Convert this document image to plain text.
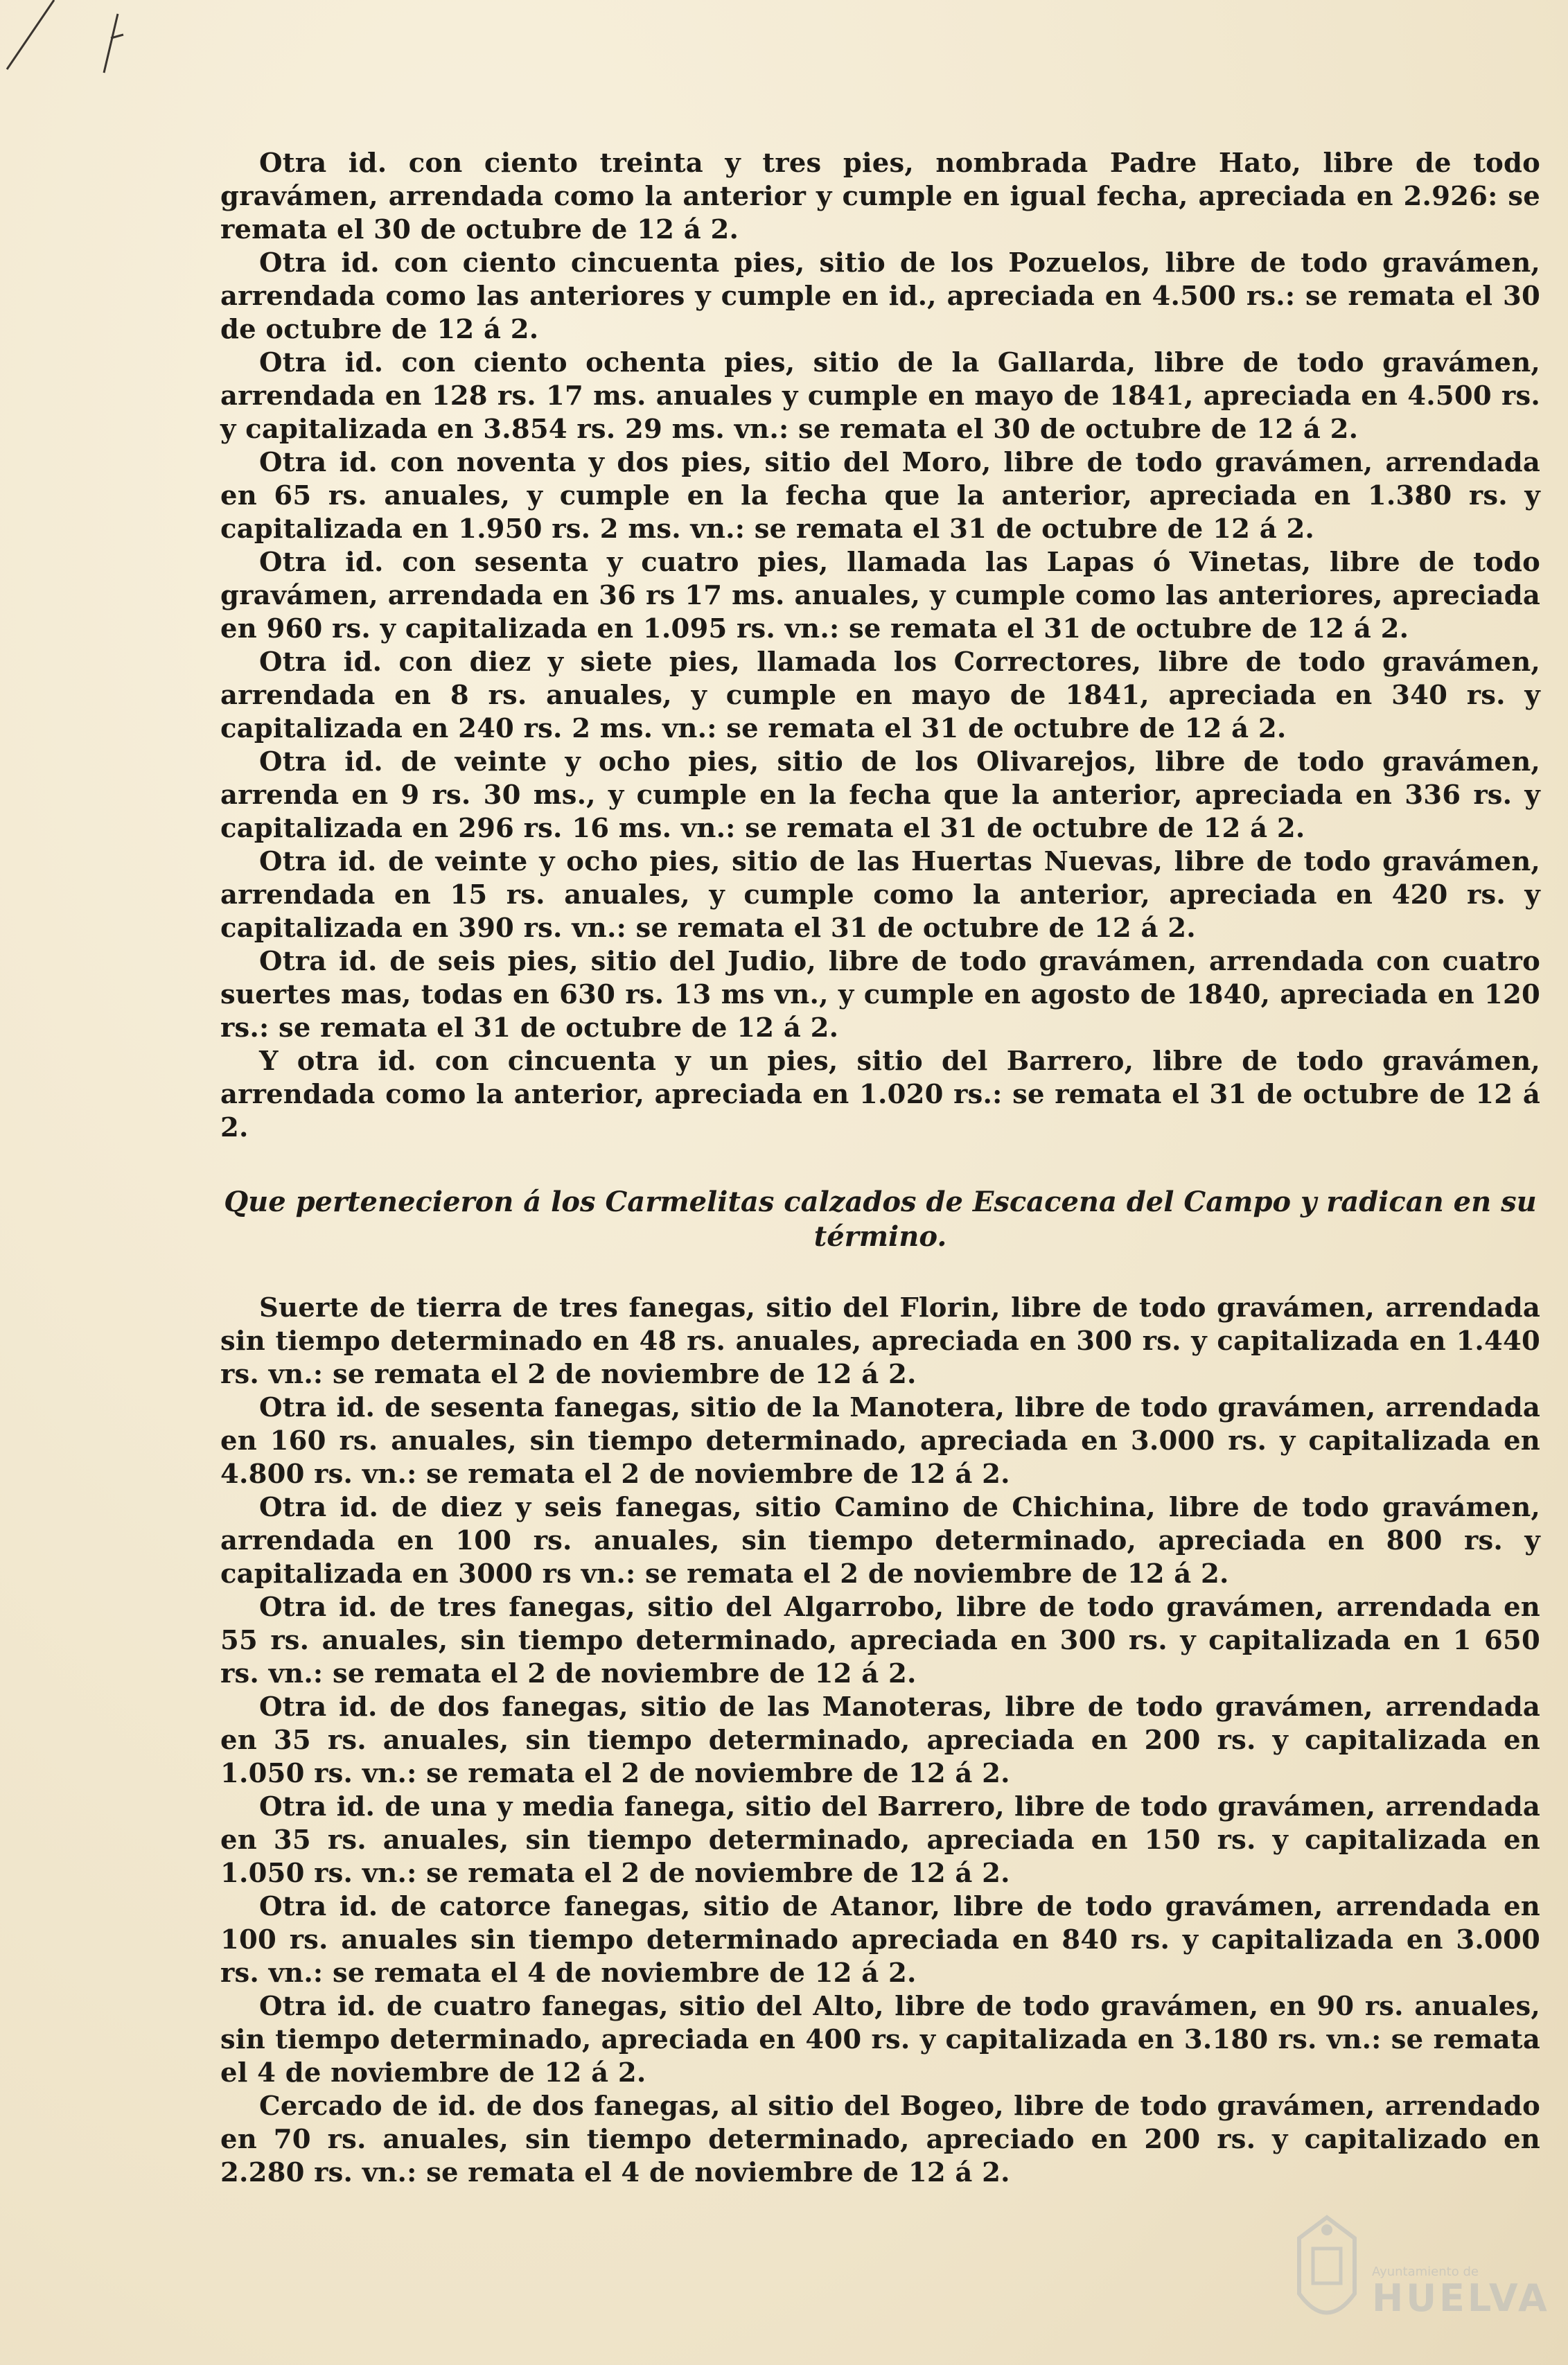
Otra id. con ciento treinta y tres pies, nombrada Padre Hato, libre de todo gravámen, arrendada como la anterior y cumple en igual fecha, apreciada en 2.926: se remata el 30 de octubre de 12 á 2.

Otra id. con ciento cincuenta pies, sitio de los Pozuelos, libre de todo gravámen, arrendada como las anteriores y cumple en id., apreciada en 4.500 rs.: se remata el 30 de octubre de 12 á 2.

Otra id. con ciento ochenta pies, sitio de la Gallarda, libre de todo gravámen, arrendada en 128 rs. 17 ms. anuales y cumple en mayo de 1841, apreciada en 4.500 rs. y capitalizada en 3.854 rs. 29 ms. vn.: se remata el 30 de octubre de 12 á 2.

Otra id. con noventa y dos pies, sitio del Moro, libre de todo gravámen, arrendada en 65 rs. anuales, y cumple en la fecha que la anterior, apreciada en 1.380 rs. y capitalizada en 1.950 rs. 2 ms. vn.: se remata el 31 de octubre de 12 á 2.

Otra id. con sesenta y cuatro pies, llamada las Lapas ó Vinetas, libre de todo gravámen, arrendada en 36 rs 17 ms. anuales, y cumple como las anteriores, apreciada en 960 rs. y capitalizada en 1.095 rs. vn.: se remata el 31 de octubre de 12 á 2.

Otra id. con diez y siete pies, llamada los Correctores, libre de todo gravámen, arrendada en 8 rs. anuales, y cumple en mayo de 1841, apreciada en 340 rs. y capitalizada en 240 rs. 2 ms. vn.: se remata el 31 de octubre de 12 á 2.

Otra id. de veinte y ocho pies, sitio de los Olivarejos, libre de todo gravámen, arrenda en 9 rs. 30 ms., y cumple en la fecha que la anterior, apreciada en 336 rs. y capitalizada en 296 rs. 16 ms. vn.: se remata el 31 de octubre de 12 á 2.

Otra id. de veinte y ocho pies, sitio de las Huertas Nuevas, libre de todo gravámen, arrendada en 15 rs. anuales, y cumple como la anterior, apreciada en 420 rs. y capitalizada en 390 rs. vn.: se remata el 31 de octubre de 12 á 2.

Otra id. de seis pies, sitio del Judio, libre de todo gravámen, arrendada con cuatro suertes mas, todas en 630 rs. 13 ms vn., y cumple en agosto de 1840, apreciada en 120 rs.: se remata el 31 de octubre de 12 á 2.

Y otra id. con cincuenta y un pies, sitio del Barrero, libre de todo gravámen, arrendada como la anterior, apreciada en 1.020 rs.: se remata el 31 de octubre de 12 á 2.

Que pertenecieron á los Carmelitas calzados de Escacena del Campo y radican en su término.

Suerte de tierra de tres fanegas, sitio del Florin, libre de todo gravámen, arrendada sin tiempo determinado en 48 rs. anuales, apreciada en 300 rs. y capitalizada en 1.440 rs. vn.: se remata el 2 de noviembre de 12 á 2.

Otra id. de sesenta fanegas, sitio de la Manotera, libre de todo gravámen, arrendada en 160 rs. anuales, sin tiempo determinado, apreciada en 3.000 rs. y capitalizada en 4.800 rs. vn.: se remata el 2 de noviembre de 12 á 2.

Otra id. de diez y seis fanegas, sitio Camino de Chichina, libre de todo gravámen, arrendada en 100 rs. anuales, sin tiempo determinado, apreciada en 800 rs. y capitalizada en 3000 rs vn.: se remata el 2 de noviembre de 12 á 2.

Otra id. de tres fanegas, sitio del Algarrobo, libre de todo gravámen, arrendada en 55 rs. anuales, sin tiempo determinado, apreciada en 300 rs. y capitalizada en 1 650 rs. vn.: se remata el 2 de noviembre de 12 á 2.

Otra id. de dos fanegas, sitio de las Manoteras, libre de todo gravámen, arrendada en 35 rs. anuales, sin tiempo determinado, apreciada en 200 rs. y capitalizada en 1.050 rs. vn.: se remata el 2 de noviembre de 12 á 2.

Otra id. de una y media fanega, sitio del Barrero, libre de todo gravámen, arrendada en 35 rs. anuales, sin tiempo determinado, apreciada en 150 rs. y capitalizada en 1.050 rs. vn.: se remata el 2 de noviembre de 12 á 2.

Otra id. de catorce fanegas, sitio de Atanor, libre de todo gravámen, arrendada en 100 rs. anuales sin tiempo determinado apreciada en 840 rs. y capitalizada en 3.000 rs. vn.: se remata el 4 de noviembre de 12 á 2.

Otra id. de cuatro fanegas, sitio del Alto, libre de todo gravámen, en 90 rs. anuales, sin tiempo determinado, apreciada en 400 rs. y capitalizada en 3.180 rs. vn.: se remata el 4 de noviembre de 12 á 2.

Cercado de id. de dos fanegas, al sitio del Bogeo, libre de todo gravámen, arrendado en 70 rs. anuales, sin tiempo determinado, apreciado en 200 rs. y capitalizado en 2.280 rs. vn.: se remata el 4 de noviembre de 12 á 2.

Ayuntamiento de
HUELVA
